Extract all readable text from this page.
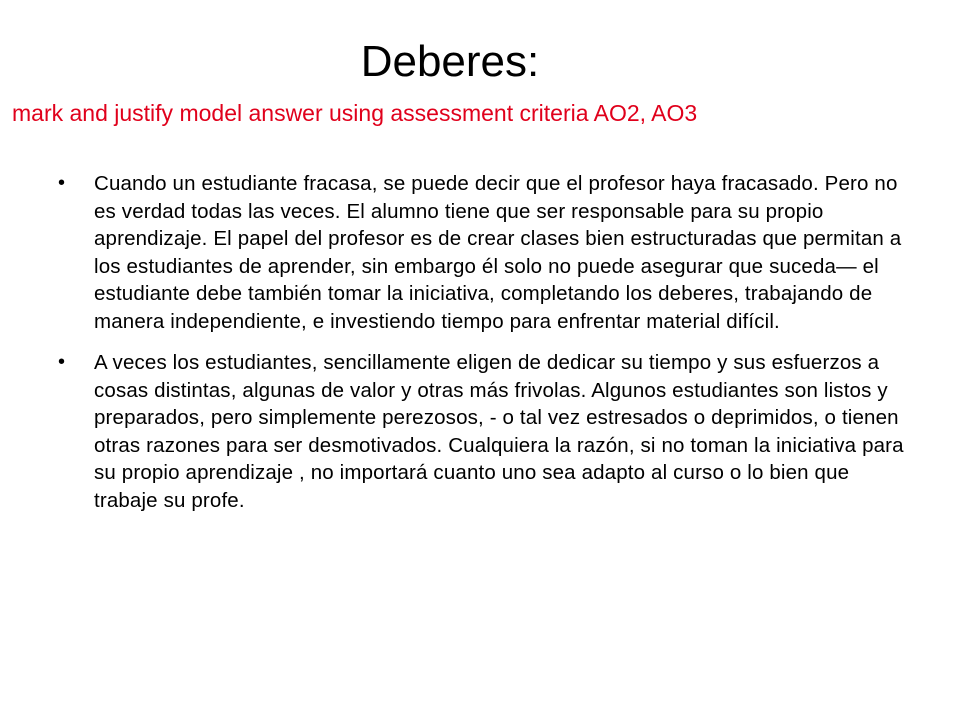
Deberes:

mark and justify model answer using assessment criteria AO2, AO3

•	Cuando un estudiante fracasa, se puede decir que el profesor haya fracasado. Pero no es verdad todas las veces. El alumno tiene que ser responsable para su propio aprendizaje. El papel del profesor es de crear clases bien estructuradas que permitan a los estudiantes de aprender, sin embargo él solo no puede asegurar que suceda— el estudiante debe también tomar la iniciativa, completando los deberes, trabajando de manera independiente, e investiendo tiempo para enfrentar material difícil.
•	A veces los estudiantes, sencillamente eligen de dedicar su tiempo y sus esfuerzos a cosas distintas, algunas de valor y otras más frivolas. Algunos estudiantes son listos y preparados, pero simplemente perezosos, - o tal vez estresados o deprimidos, o tienen otras razones para ser desmotivados. Cualquiera la razón, si no toman la iniciativa para su propio aprendizaje , no importará cuanto uno sea adapto al curso o lo bien que trabaje su profe.
